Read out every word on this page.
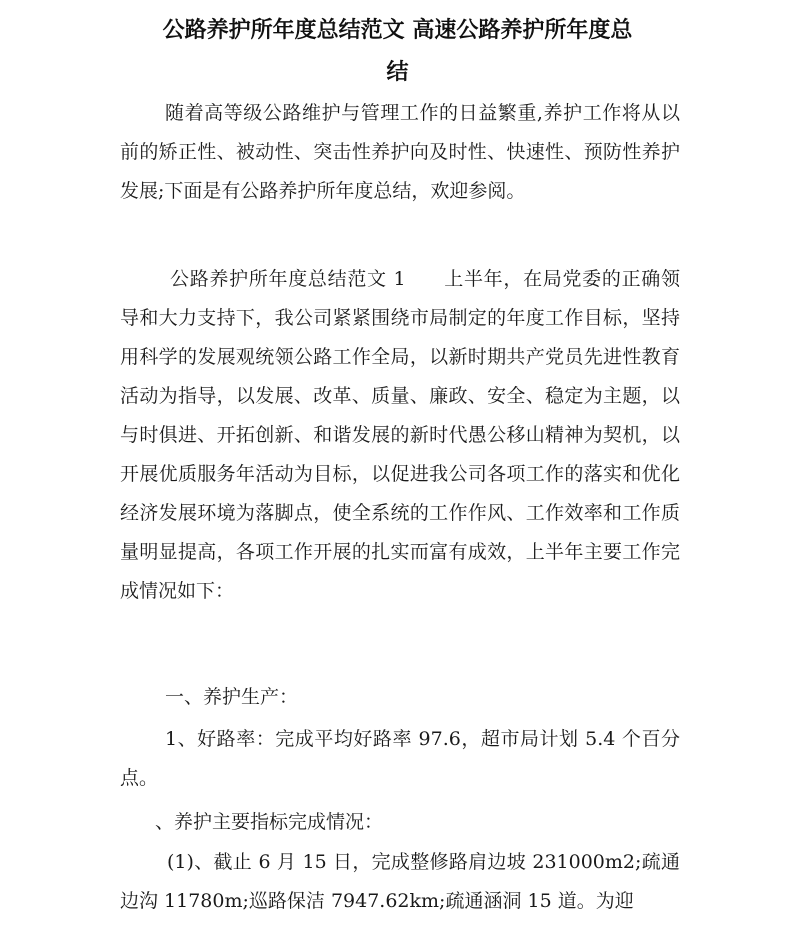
公路养护所年度总结范文 高速公路养护所年度总
结

随着高等级公路维护与管理工作的日益繁重,养护工作将从以前的矫正性、被动性、突击性养护向及时性、快速性、预防性养护发展;下面是有公路养护所年度总结，欢迎参阅。

公路养护所年度总结范文 1 上半年，在局党委的正确领导和大力支持下，我公司紧紧围绕市局制定的年度工作目标，坚持用科学的发展观统领公路工作全局，以新时期共产党员先进性教育活动为指导，以发展、改革、质量、廉政、安全、稳定为主题，以与时俱进、开拓创新、和谐发展的新时代愚公移山精神为契机，以开展优质服务年活动为目标，以促进我公司各项工作的落实和优化经济发展环境为落脚点，使全系统的工作作风、工作效率和工作质量明显提高，各项工作开展的扎实而富有成效，上半年主要工作完成情况如下：

一、养护生产：

1、好路率：完成平均好路率 97.6，超市局计划 5.4 个百分点。

、养护主要指标完成情况：

(1)、截止 6 月 15 日，完成整修路肩边坡 231000m2;疏通边沟 11780m;巡路保洁 7947.62km;疏通涵洞 15 道。为迎
